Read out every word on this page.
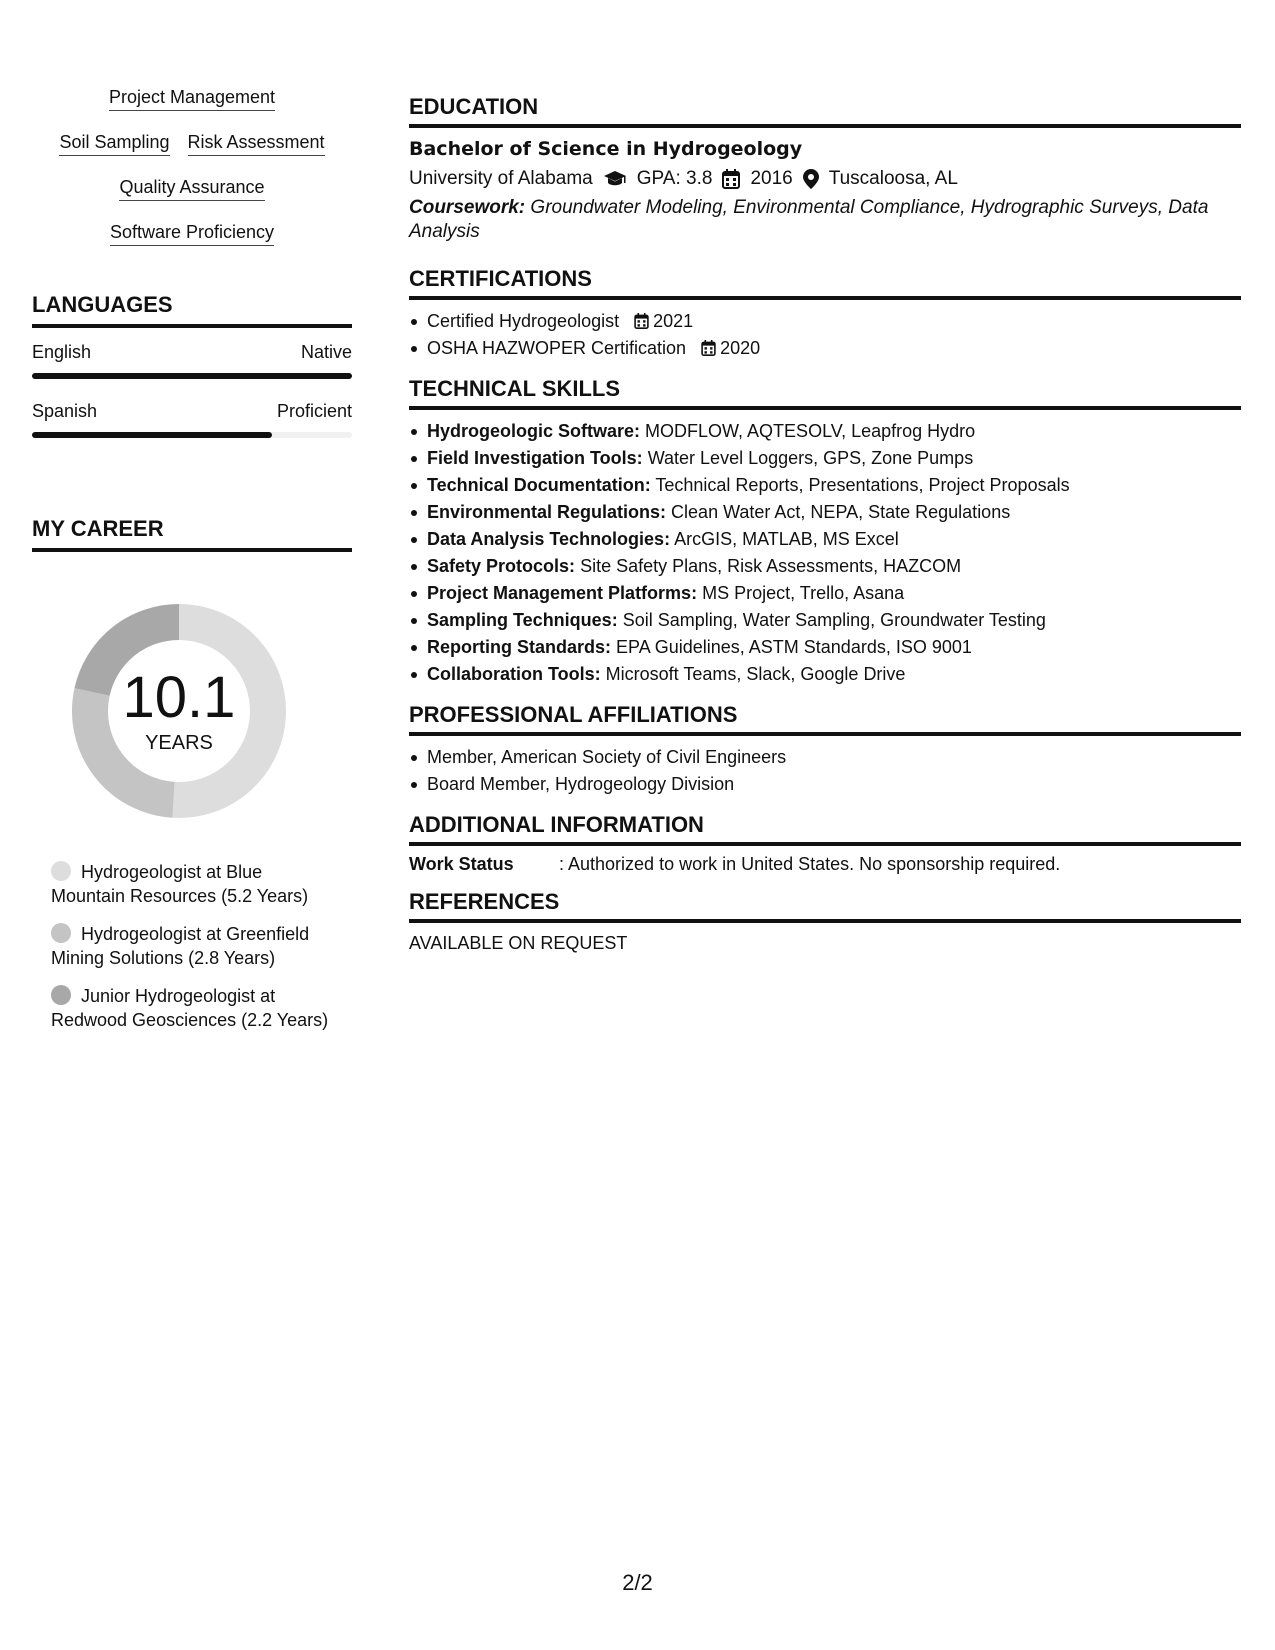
Project Management
Soil Sampling Risk Assessment
Quality Assurance
Software Proficiency
LANGUAGES
English	Native
Spanish	Proficient
MY CAREER
10.1
YEARS
Hydrogeologist at Blue Mountain Resources (5.2 Years)
Hydrogeologist at Greenfield Mining Solutions (2.8 Years)
Junior Hydrogeologist at Redwood Geosciences (2.2 Years)
EDUCATION
Bachelor of Science in Hydrogeology
University of Alabama GPA: 3.8 2016 Tuscaloosa, AL
Coursework: Groundwater Modeling, Environmental Compliance, Hydrographic Surveys, Data Analysis
CERTIFICATIONS
Certified Hydrogeologist 2021
OSHA HAZWOPER Certification 2020
TECHNICAL SKILLS
Hydrogeologic Software: MODFLOW, AQTESOLV, Leapfrog Hydro
Field Investigation Tools: Water Level Loggers, GPS, Zone Pumps
Technical Documentation: Technical Reports, Presentations, Project Proposals
Environmental Regulations: Clean Water Act, NEPA, State Regulations
Data Analysis Technologies: ArcGIS, MATLAB, MS Excel
Safety Protocols: Site Safety Plans, Risk Assessments, HAZCOM
Project Management Platforms: MS Project, Trello, Asana
Sampling Techniques: Soil Sampling, Water Sampling, Groundwater Testing
Reporting Standards: EPA Guidelines, ASTM Standards, ISO 9001
Collaboration Tools: Microsoft Teams, Slack, Google Drive
PROFESSIONAL AFFILIATIONS
Member, American Society of Civil Engineers
Board Member, Hydrogeology Division
ADDITIONAL INFORMATION
Work Status	: Authorized to work in United States. No sponsorship required.
REFERENCES
AVAILABLE ON REQUEST
2/2
